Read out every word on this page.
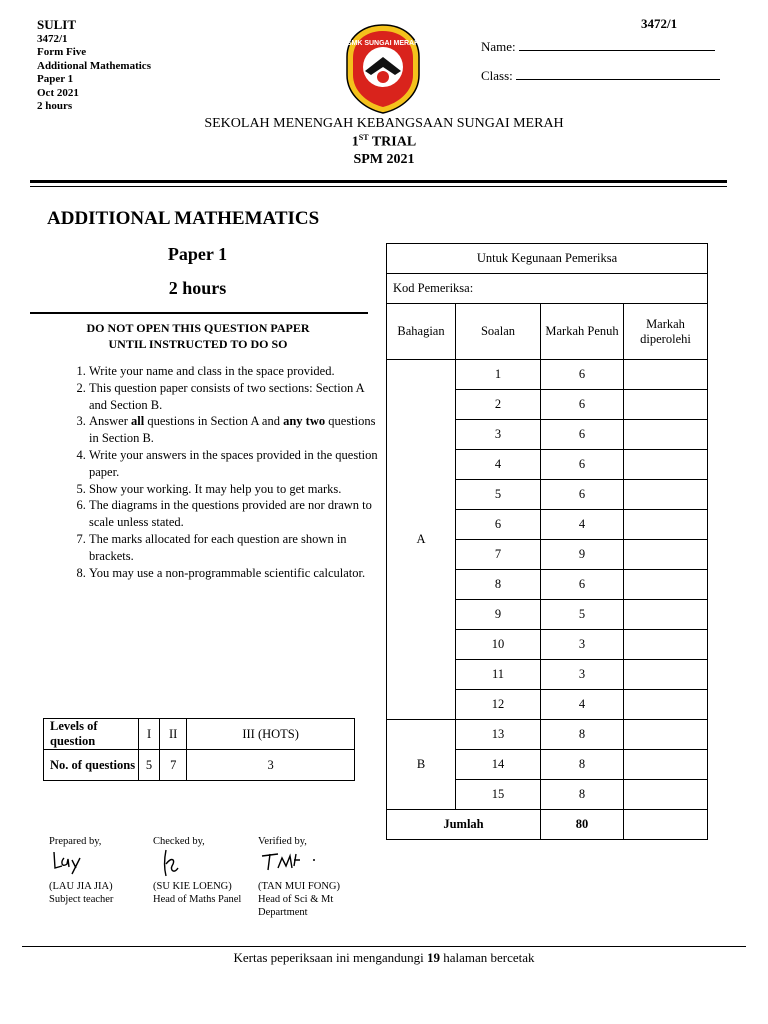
SULIT
3472/1
Form Five
Additional Mathematics
Paper 1
Oct 2021
2 hours
3472/1
SMK SUNGAI MERAH	Name:
Class:
SEKOLAH MENENGAH KEBANGSAAN SUNGAI MERAH
1ST TRIAL
SPM 2021
ADDITIONAL MATHEMATICS
Paper 1
2 hours
DO NOT OPEN THIS QUESTION PAPER
UNTIL INSTRUCTED TO DO SO
1. Write your name and class in the space provided.
2. This question paper consists of two sections: Section A and Section B.
3. Answer all questions in Section A and any two questions in Section B.
4. Write your answers in the spaces provided in the question paper.
5. Show your working. It may help you to get marks.
6. The diagrams in the questions provided are nor drawn to scale unless stated.
7. The marks allocated for each question are shown in brackets.
8. You may use a non-programmable scientific calculator.
Levels of question	I	II	III (HOTS)
No. of questions	5	7	3
Untuk Kegunaan Pemeriksa			
Kod Pemeriksa:			
Bahagian	Soalan	Markah Penuh	Markah diperolehi
A	1	6	
	2	6	
	3	6	
	4	6	
	5	6	
	6	4	
	7	9	
	8	6	
	9	5	
	10	3	
	11	3	
	12	4	
B	13	8	
	14	8	
	15	8	
Jumlah		80	
Prepared by,	Checked by,	Verified by,
(LAU JIA JIA)
Subject teacher
(SU KIE LOENG)
Head of Maths Panel
(TAN MUI FONG)
Head of Sci & Mt Department
Kertas peperiksaan ini mengandungi 19 halaman bercetak
